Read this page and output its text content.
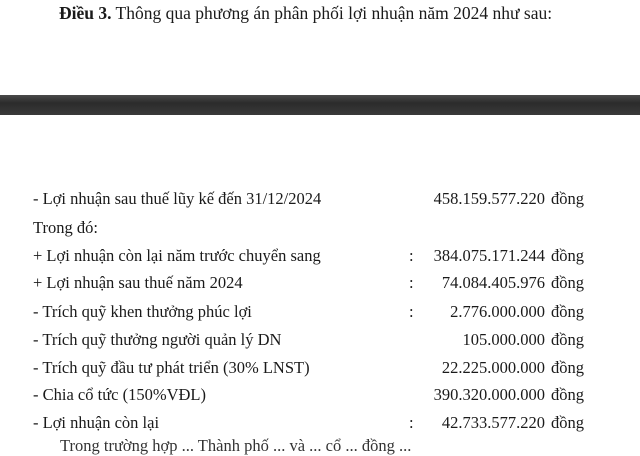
Điều 3. Thông qua phương án phân phối lợi nhuận năm 2024 như sau:
- Lợi nhuận sau thuế lũy kế đến 31/12/2024	458.159.577.220 đồng
Trong đó:
+ Lợi nhuận còn lại năm trước chuyển sang	: 384.075.171.244 đồng
+ Lợi nhuận sau thuế năm 2024	: 74.084.405.976 đồng
- Trích quỹ khen thưởng phúc lợi	: 2.776.000.000 đồng
- Trích quỹ thưởng người quản lý DN	105.000.000 đồng
- Trích quỹ đầu tư phát triển (30% LNST)	22.225.000.000 đồng
- Chia cổ tức (150%VĐL)	390.320.000.000 đồng
- Lợi nhuận còn lại	: 42.733.577.220 đồng
Trong trường hợp ... Thành phố ... và ... cổ ... đồng ...
